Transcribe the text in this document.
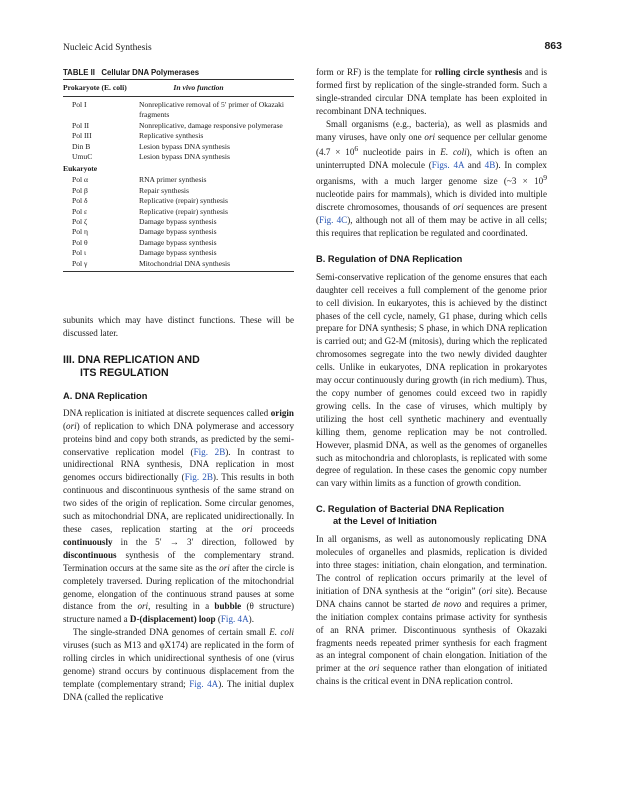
Nucleic Acid Synthesis	863
TABLE II Cellular DNA Polymerases
Prokaryote (E. coli)	In vivo function
Pol I	Nonreplicative removal of 5′ primer of Okazaki fragments
Pol II	Nonreplicative, damage responsive polymerase
Pol III	Replicative synthesis
Din B	Lesion bypass DNA synthesis
UmuC	Lesion bypass DNA synthesis
Eukaryote
Pol α	RNA primer synthesis
Pol β	Repair synthesis
Pol δ	Replicative (repair) synthesis
Pol ε	Replicative (repair) synthesis
Pol ζ	Damage bypass synthesis
Pol η	Damage bypass synthesis
Pol θ	Damage bypass synthesis
Pol ι	Damage bypass synthesis
Pol γ	Mitochondrial DNA synthesis

subunits which may have distinct functions. These will be discussed later.

III. DNA REPLICATION AND
ITS REGULATION
A. DNA Replication

DNA replication is initiated at discrete sequences called origin (ori) of replication to which DNA polymerase and accessory proteins bind and copy both strands, as predicted by the semi-conservative replication model (Fig. 2B). In contrast to unidirectional RNA synthesis, DNA replication in most genomes occurs bidirectionally (Fig. 2B). This results in both continuous and discontinuous synthesis of the same strand on two sides of the origin of replication. Some circular genomes, such as mitochondrial DNA, are replicated unidirectionally. In these cases, replication starting at the ori proceeds continuously in the 5′ → 3′ direction, followed by discontinuous synthesis of the complementary strand. Termination occurs at the same site as the ori after the circle is completely traversed. During replication of the mitochondrial genome, elongation of the continuous strand pauses at some distance from the ori, resulting in a bubble (θ structure) structure named a D-(displacement) loop (Fig. 4A).

The single-stranded DNA genomes of certain small E. coli viruses (such as M13 and φX174) are replicated in the form of rolling circles in which unidirectional synthesis of one (virus genome) strand occurs by continuous displacement from the template (complementary strand; Fig. 4A). The initial duplex DNA (called the replicative

form or RF) is the template for rolling circle synthesis and is formed first by replication of the single-stranded form. Such a single-stranded circular DNA template has been exploited in recombinant DNA techniques.

Small organisms (e.g., bacteria), as well as plasmids and many viruses, have only one ori sequence per cellular genome ($4.7 \times 10^6$ nucleotide pairs in E. coli), which is often an uninterrupted DNA molecule (Figs. 4A and 4B). In complex organisms, with a much larger genome size (~3 × $10^9$ nucleotide pairs for mammals), which is divided into multiple discrete chromosomes, thousands of ori sequences are present (Fig. 4C), although not all of them may be active in all cells; this requires that replication be regulated and coordinated.

B. Regulation of DNA Replication

Semi-conservative replication of the genome ensures that each daughter cell receives a full complement of the genome prior to cell division. In eukaryotes, this is achieved by the distinct phases of the cell cycle, namely, G1 phase, during which cells prepare for DNA synthesis; S phase, in which DNA replication is carried out; and G2-M (mitosis), during which the replicated chromosomes segregate into the two newly divided daughter cells. Unlike in eukaryotes, DNA replication in prokaryotes may occur continuously during growth (in rich medium). Thus, the copy number of genomes could exceed two in rapidly growing cells. In the case of viruses, which multiply by utilizing the host cell synthetic machinery and eventually killing them, genome replication may be not controlled. However, plasmid DNA, as well as the genomes of organelles such as mitochondria and chloroplasts, is replicated with some degree of regulation. In these cases the genomic copy number can vary within limits as a function of growth condition.

C. Regulation of Bacterial DNA Replication
at the Level of Initiation

In all organisms, as well as autonomously replicating DNA molecules of organelles and plasmids, replication is divided into three stages: initiation, chain elongation, and termination. The control of replication occurs primarily at the level of initiation of DNA synthesis at the “origin” (ori site). Because DNA chains cannot be started de novo and requires a primer, the initiation complex contains primase activity for synthesis of an RNA primer. Discontinuous synthesis of Okazaki fragments needs repeated primer synthesis for each fragment as an integral component of chain elongation. Initiation of the primer at the ori sequence rather than elongation of initiated chains is the critical event in DNA replication control.
